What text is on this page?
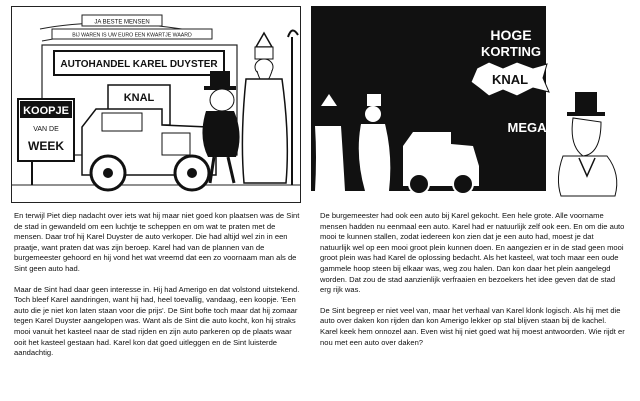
JA BESTE MENSEN
BIJ WAREN IS UW EURO EEN KWARTJE WAARD
AUTOHANDEL KAREL DUYSTER
KOOPJE
VAN DE
WEEK
KNAL
HOGE
KORTING
KNAL
MEGA

En terwijl Piet diep nadacht over iets wat hij maar niet goed kon plaatsen was de Sint de stad in gewandeld om een luchtje te scheppen en om wat te praten met de mensen. Daar trof hij Karel Duyster de auto verkoper. Die had altijd wel zin in een praatje, want praten dat was zijn beroep. Karel had van de plannen van de burgemeester gehoord en hij vond het wat vreemd dat een zo voornaam man als de Sint geen auto had.

Maar de Sint had daar geen interesse in. Hij had Amerigo en dat volstond uitstekend. Toch bleef Karel aandringen, want hij had, heel toevallig, vandaag, een koopje. 'Een auto die je niet kon laten staan voor die prijs'. De Sint bofte toch maar dat hij zomaar tegen Karel Duyster aangelopen was. Want als de Sint die auto kocht, kon hij straks mooi vanuit het kasteel naar de stad rijden en zijn auto parkeren op de plaats waar ooit het kasteel gestaan had. Karel kon dat goed uitleggen en de Sint luisterde aandachtig.

De burgemeester had ook een auto bij Karel gekocht. Een hele grote. Alle voorname mensen hadden nu eenmaal een auto. Karel had er natuurlijk zelf ook een. En om die auto mooi te kunnen stallen, zodat iedereen kon zien dat je een auto had, moest je dat natuurlijk wel op een mooi groot plein kunnen doen. En aangezien er in de stad geen mooi groot plein was had Karel de oplossing bedacht. Als het kasteel, wat toch maar een oude gammele hoop steen bij elkaar was, weg zou halen. Dan kon daar het plein aangelegd worden. Dat zou de stad aanzienlijk verfraaien en bezoekers het idee geven dat de stad erg rijk was.

De Sint begreep er niet veel van, maar het verhaal van Karel klonk logisch. Als hij met die auto over daken kon rijden dan kon Amerigo lekker op stal blijven staan bij de kachel. Karel keek hem onnozel aan. Even wist hij niet goed wat hij moest antwoorden. Wie rijdt er nou met een auto over daken?
